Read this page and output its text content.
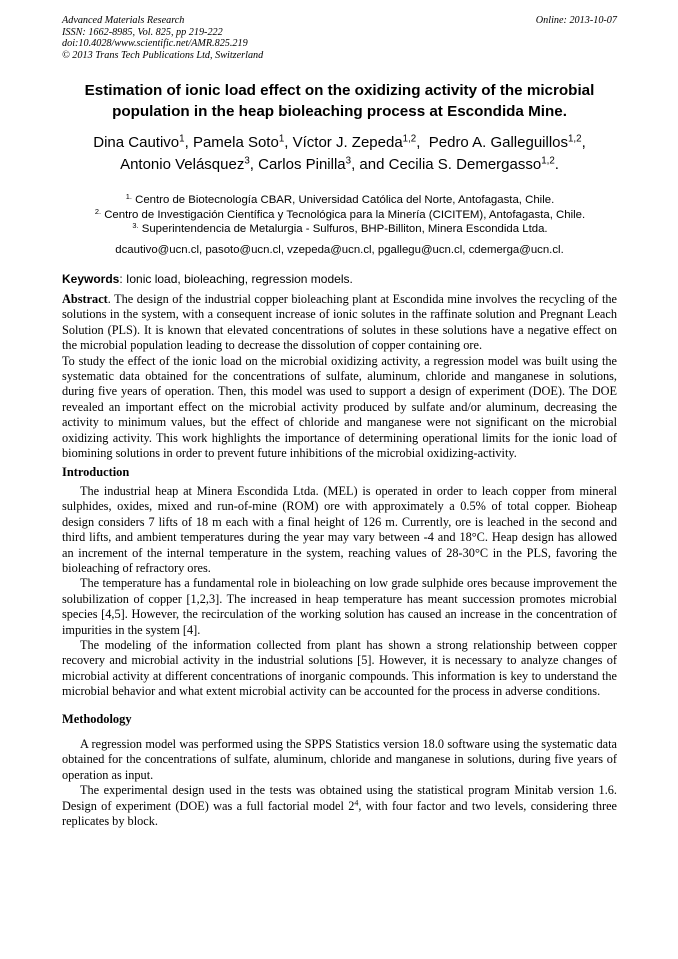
Advanced Materials Research
ISSN: 1662-8985, Vol. 825, pp 219-222
doi:10.4028/www.scientific.net/AMR.825.219
© 2013 Trans Tech Publications Ltd, Switzerland
Online: 2013-10-07
Estimation of ionic load effect on the oxidizing activity of the microbial population in the heap bioleaching process at Escondida Mine.
Dina Cautivo$^1$, Pamela Soto$^1$, Víctor J. Zepeda$^{1,2}$,  Pedro A. Galleguillos$^{1,2}$,
Antonio Velásquez$^3$, Carlos Pinilla$^3$, and Cecilia S. Demergasso$^{1,2}$.
$^{1.}$ Centro de Biotecnología CBAR, Universidad Católica del Norte, Antofagasta, Chile.
$^{2.}$ Centro de Investigación Científica y Tecnológica para la Minería (CICITEM), Antofagasta, Chile.
$^{3.}$ Superintendencia de Metalurgia - Sulfuros, BHP-Billiton, Minera Escondida Ltda.
dcautivo@ucn.cl, pasoto@ucn.cl, vzepeda@ucn.cl, pgallegu@ucn.cl, cdemerga@ucn.cl.
Keywords: Ionic load, bioleaching, regression models.

Abstract. The design of the industrial copper bioleaching plant at Escondida mine involves the recycling of the solutions in the system, with a consequent increase of ionic solutes in the raffinate solution and Pregnant Leach Solution (PLS). It is known that elevated concentrations of solutes in these solutions have a negative effect on the microbial population leading to decrease the dissolution of copper containing ore.

To study the effect of the ionic load on the microbial oxidizing activity, a regression model was built using the systematic data obtained for the concentrations of sulfate, aluminum, chloride and manganese in solutions, during five years of operation. Then, this model was used to support a design of experiment (DOE). The DOE revealed an important effect on the microbial activity produced by sulfate and/or aluminum, decreasing the activity to minimum values, but the effect of chloride and manganese were not significant on the microbial oxidizing activity. This work highlights the importance of determining operational limits for the ionic load of biomining solutions in order to prevent future inhibitions of the microbial oxidizing-activity.

Introduction

The industrial heap at Minera Escondida Ltda. (MEL) is operated in order to leach copper from mineral sulphides, oxides, mixed and run-of-mine (ROM) ore with approximately a 0.5% of total copper. Bioheap design considers 7 lifts of 18 m each with a final height of 126 m. Currently, ore is leached in the second and third lifts, and ambient temperatures during the year may vary between -4 and 18°C. Heap design has allowed an increment of the internal temperature in the system, reaching values of 28-30°C in the PLS, favoring the bioleaching of refractory ores.

The temperature has a fundamental role in bioleaching on low grade sulphide ores because improvement the solubilization of copper [1,2,3]. The increased in heap temperature has meant succession promotes microbial species [4,5]. However, the recirculation of the working solution has caused an increase in the concentration of impurities in the system [4].

The modeling of the information collected from plant has shown a strong relationship between copper recovery and microbial activity in the industrial solutions [5]. However, it is necessary to analyze changes of microbial activity at different concentrations of inorganic compounds. This information is key to understand the microbial behavior and what extent microbial activity can be accounted for the process in adverse conditions.

Methodology

A regression model was performed using the SPPS Statistics version 18.0 software using the systematic data obtained for the concentrations of sulfate, aluminum, chloride and manganese in solutions, during five years of operation as input.

The experimental design used in the tests was obtained using the statistical program Minitab version 1.6. Design of experiment (DOE) was a full factorial model $2^4$, with four factor and two levels, considering three replicates by block.
